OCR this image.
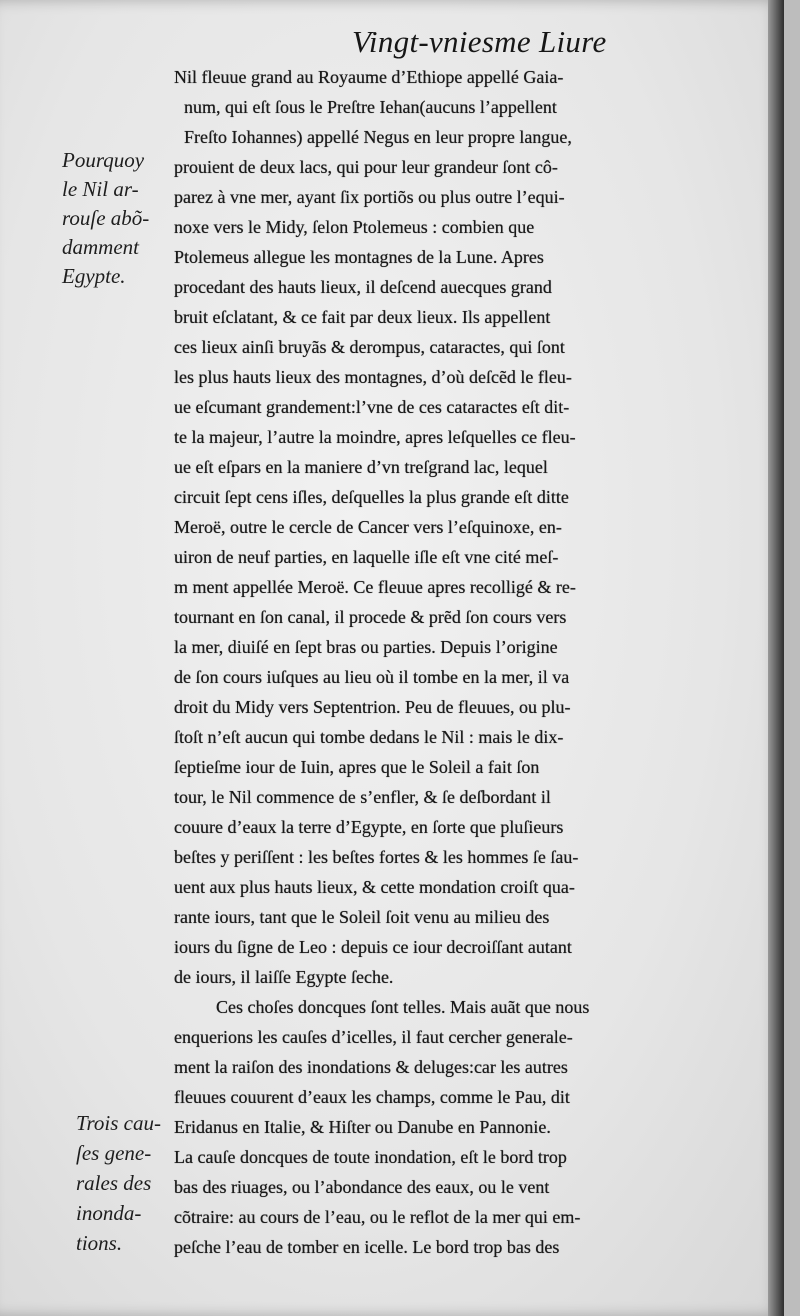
Vingt-vniesme Liure
Pourquoy
le Nil ar-
rouſe abõ-
damment
Egypte.
Trois cau-
ſes gene-
rales des
inonda-
tions.
Nil fleuue grand au Royaume d’Ethiope appellé Gaia-
num, qui eſt ſous le Preſtre Iehan(aucuns l’appellent
Freſto Iohannes) appellé Negus en leur propre langue,
prouient de deux lacs, qui pour leur grandeur ſont cô-
parez à vne mer, ayant ſix portiõs ou plus outre l’equi-
noxe vers le Midy, ſelon Ptolemeus : combien que
Ptolemeus allegue les montagnes de la Lune. Apres
procedant des hauts lieux, il deſcend auecques grand
bruit eſclatant, & ce fait par deux lieux. Ils appellent
ces lieux ainſi bruyãs & derompus, cataractes, qui ſont
les plus hauts lieux des montagnes, d’où deſcẽd le fleu-
ue eſcumant grandement:l’vne de ces cataractes eſt dit-
te la majeur, l’autre la moindre, apres leſquelles ce fleu-
ue eſt eſpars en la maniere d’vn treſgrand lac, lequel
circuit ſept cens iſles, deſquelles la plus grande eſt ditte
Meroë, outre le cercle de Cancer vers l’eſquinoxe, en-
uiron de neuf parties, en laquelle iſle eſt vne cité meſ-
m ment appellée Meroë. Ce fleuue apres recolligé & re-
tournant en ſon canal, il procede & prẽd ſon cours vers
la mer, diuiſé en ſept bras ou parties. Depuis l’origine
de ſon cours iuſques au lieu où il tombe en la mer, il va
droit du Midy vers Septentrion. Peu de fleuues, ou plu-
ſtoſt n’eſt aucun qui tombe dedans le Nil : mais le dix-
ſeptieſme iour de Iuin, apres que le Soleil a fait ſon
tour, le Nil commence de s’enfler, & ſe deſbordant il
couure d’eaux la terre d’Egypte, en ſorte que pluſieurs
beſtes y periſſent : les beſtes fortes & les hommes ſe ſau-
uent aux plus hauts lieux, & cette mondation croiſt qua-
rante iours, tant que le Soleil ſoit venu au milieu des
iours du ſigne de Leo : depuis ce iour decroiſſant autant
de iours, il laiſſe Egypte ſeche.
Ces choſes doncques ſont telles. Mais auãt que nous
enquerions les cauſes d’icelles, il faut cercher generale-
ment la raiſon des inondations & deluges:car les autres
fleuues couurent d’eaux les champs, comme le Pau, dit
Eridanus en Italie, & Hiſter ou Danube en Pannonie.
La cauſe doncques de toute inondation, eſt le bord trop
bas des riuages, ou l’abondance des eaux, ou le vent
cõtraire: au cours de l’eau, ou le reflot de la mer qui em-
peſche l’eau de tomber en icelle. Le bord trop bas des
